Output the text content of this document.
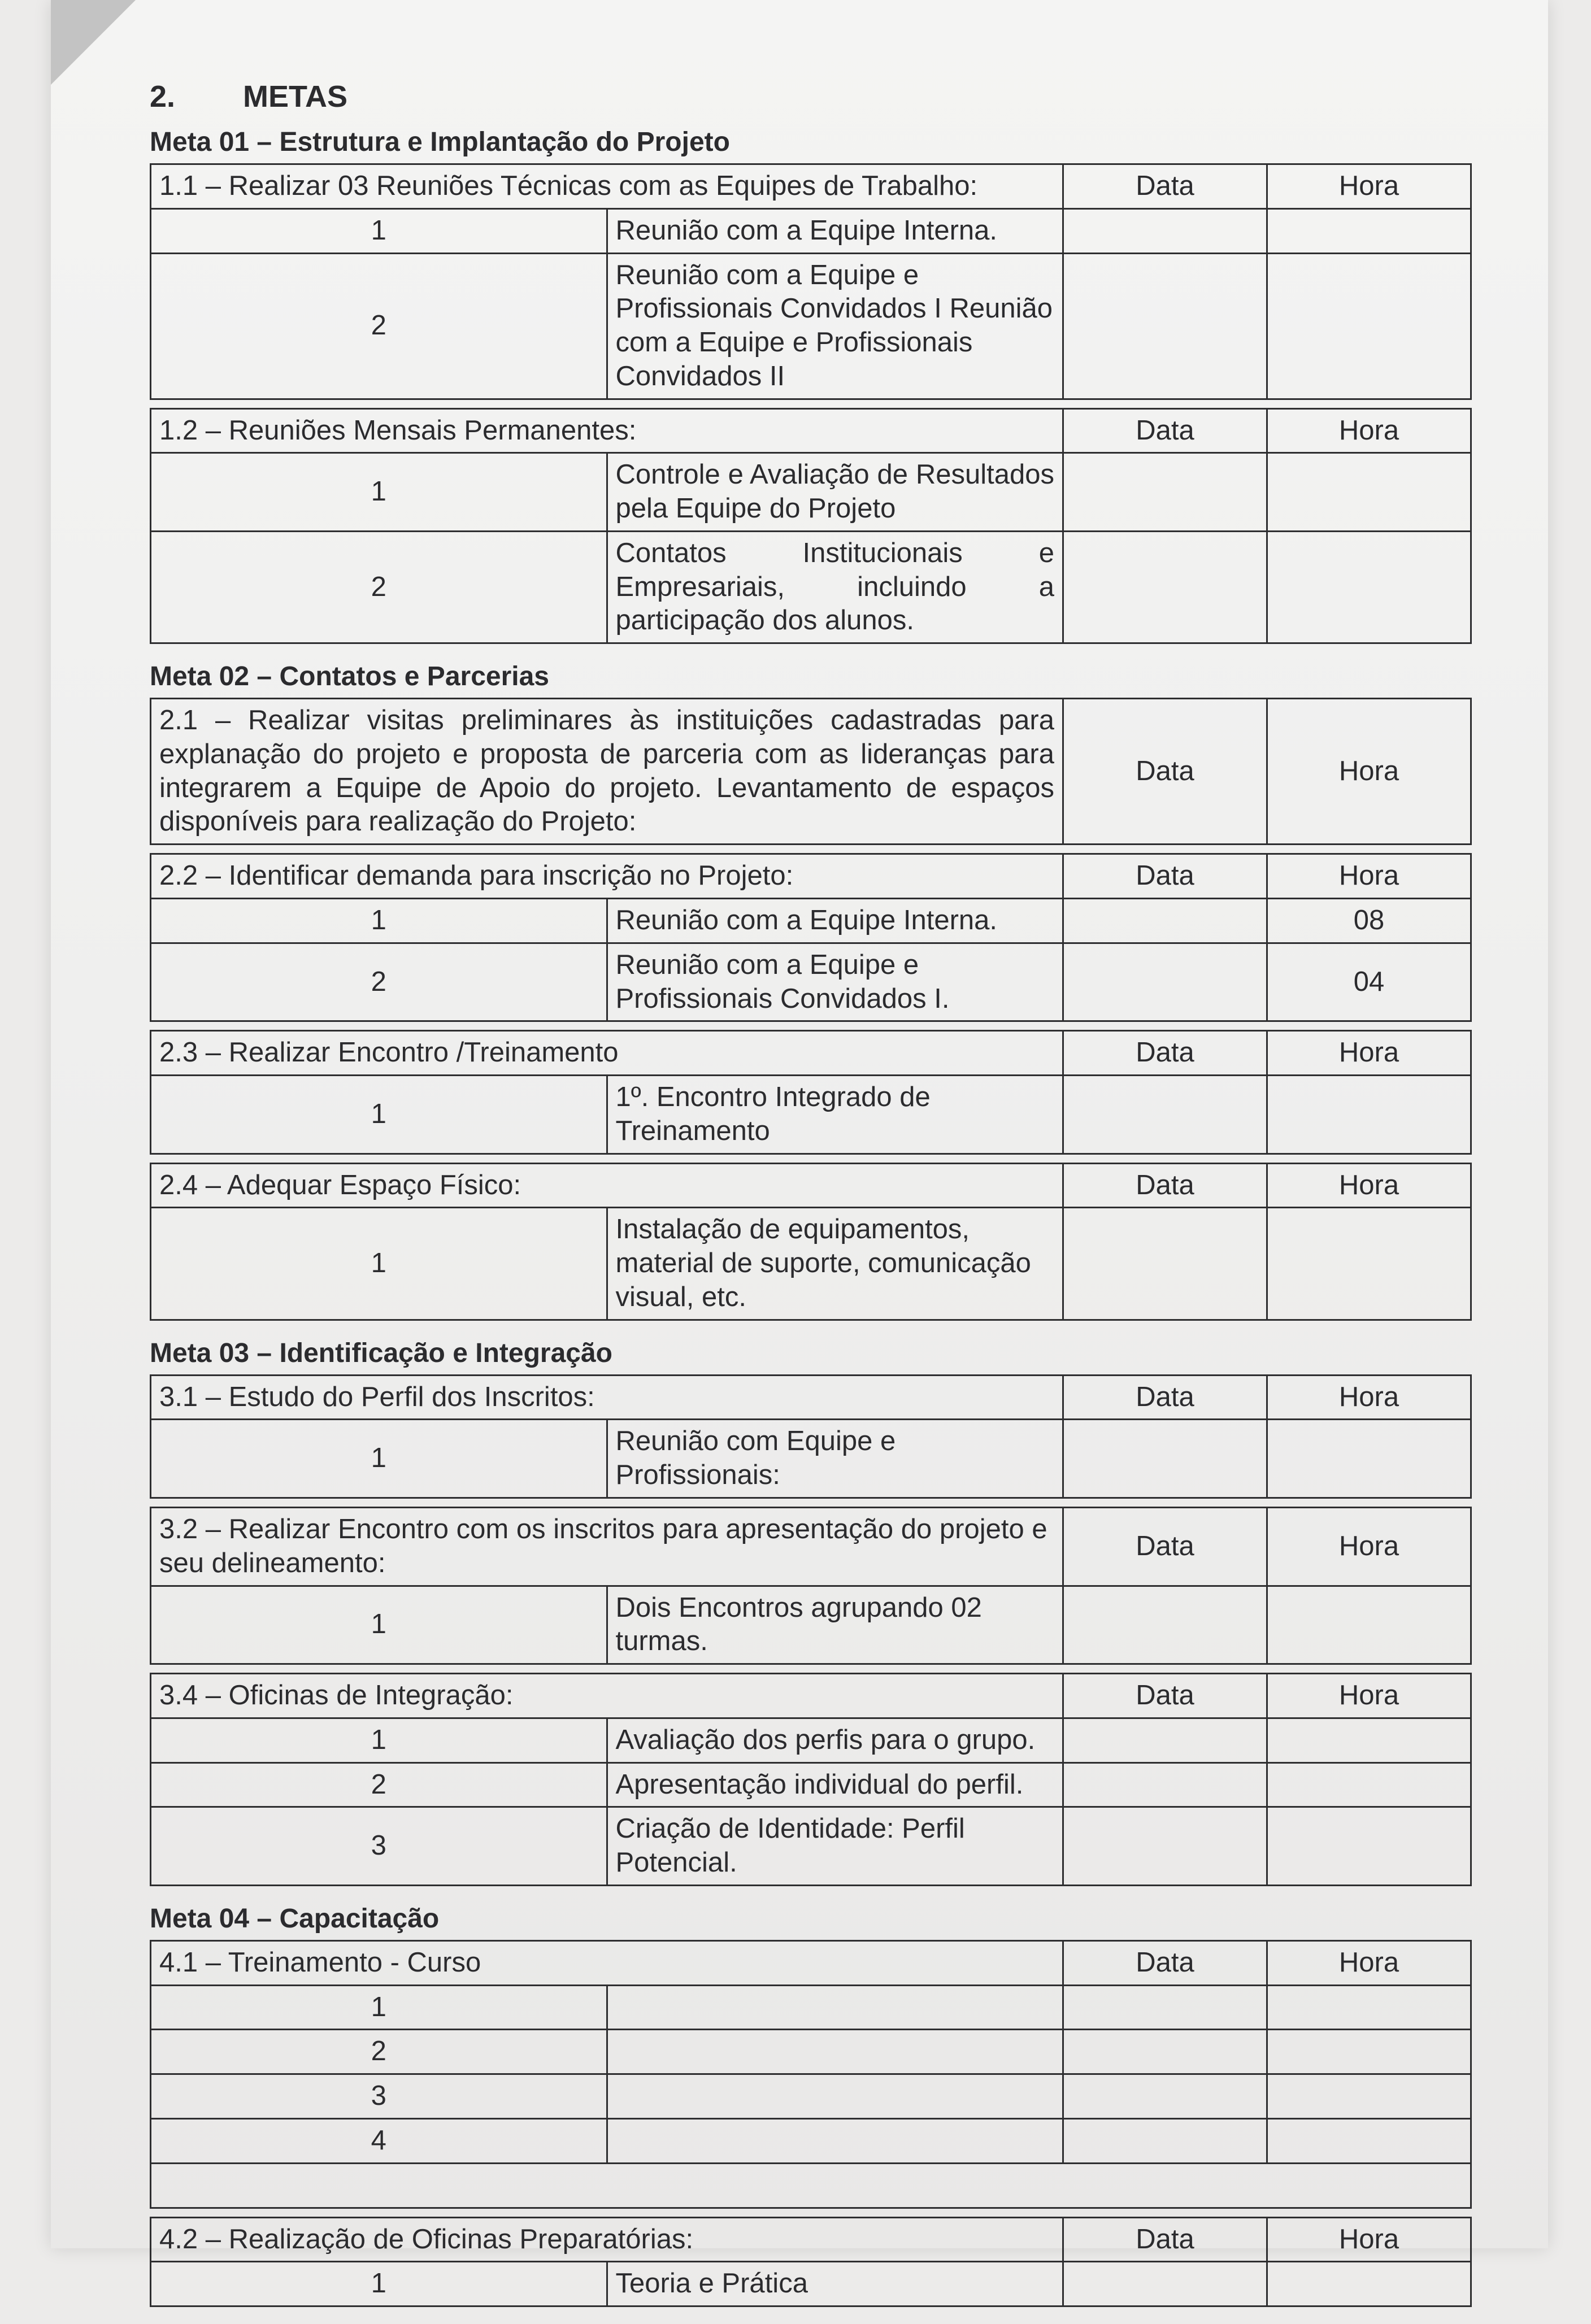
2. METAS
Meta 01 – Estrutura e Implantação do Projeto
1.1 – Realizar 03 Reuniões Técnicas com as Equipes de Trabalho:		Data	Hora
1	Reunião com a Equipe Interna.		
2	Reunião com a Equipe e Profissionais Convidados I Reunião com a Equipe e Profissionais Convidados II		
1.2 – Reuniões Mensais Permanentes:		Data	Hora
1	Controle e Avaliação de Resultados pela Equipe do Projeto		
2	Contatos Institucionais e Empresariais, incluindo a participação dos alunos.		
Meta 02 – Contatos e Parcerias
2.1 – Realizar visitas preliminares às instituições cadastradas para explanação do projeto e proposta de parceria com as lideranças para integrarem a Equipe de Apoio do projeto. Levantamento de espaços disponíveis para realização do Projeto:	Data	Hora
2.2 – Identificar demanda para inscrição no Projeto:		Data	Hora
1	Reunião com a Equipe Interna.		08
2	Reunião com a Equipe e Profissionais Convidados I.		04
2.3 – Realizar Encontro /Treinamento		Data	Hora
1	1º. Encontro Integrado de Treinamento		
2.4 – Adequar Espaço Físico:		Data	Hora
1	Instalação de equipamentos, material de suporte, comunicação visual, etc.		
Meta 03 – Identificação e Integração
3.1 – Estudo do Perfil dos Inscritos:		Data	Hora
1	Reunião com Equipe e Profissionais:		
3.2 – Realizar Encontro com os inscritos para apresentação do projeto e seu delineamento:		Data	Hora
1	Dois Encontros agrupando 02 turmas.		
3.4 – Oficinas de Integração:		Data	Hora
1	Avaliação dos perfis para o grupo.		
2	Apresentação individual do perfil.		
3	Criação de Identidade: Perfil Potencial.		
Meta 04 – Capacitação
4.1 – Treinamento - Curso		Data	Hora
1			
2			
3			
4			

4.2 – Realização de Oficinas Preparatórias:		Data	Hora
1	Teoria e Prática		
